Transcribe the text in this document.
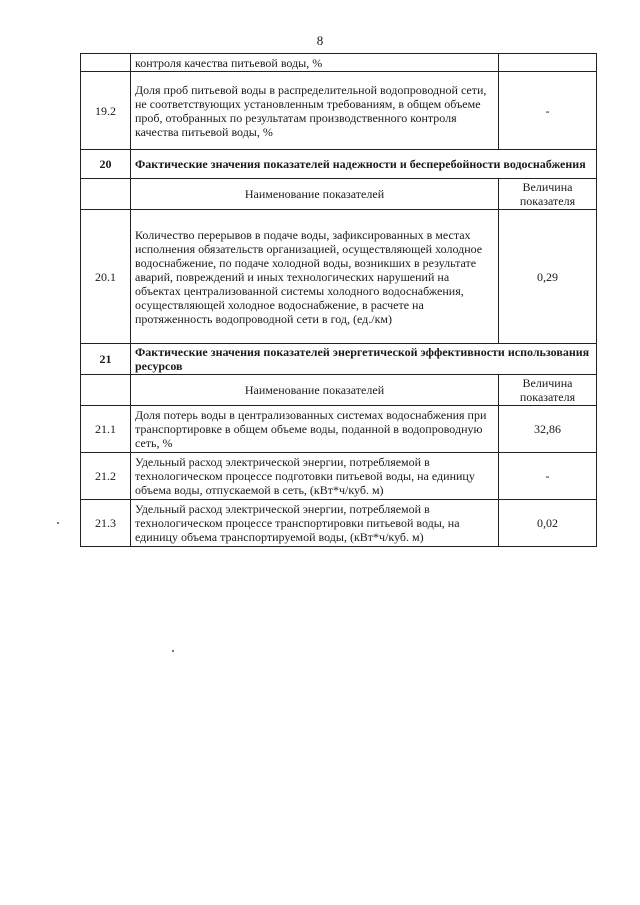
8
	контроля качества питьевой воды, %	
19.2	Доля проб питьевой воды в распределительной водопроводной сети, не соответствующих установленным требованиям, в общем объеме проб, отобранных по результатам производственного контроля качества питьевой воды, %	-
20	Фактические значения показателей надежности и бесперебойности водоснабжения	
	Наименование показателей	Величина показателя
20.1	Количество перерывов в подаче воды, зафиксированных в местах исполнения обязательств организацией, осуществляющей холодное водоснабжение, по подаче холодной воды, возникших в результате аварий, повреждений и иных технологических нарушений на объектах централизованной системы холодного водоснабжения, осуществляющей холодное водоснабжение, в расчете на протяженность водопроводной сети в год, (ед./км)	0,29
21	Фактические значения показателей энергетической эффективности использования ресурсов	
	Наименование показателей	Величина показателя
21.1	Доля потерь воды в централизованных системах водоснабжения при транспортировке в общем объеме воды, поданной в водопроводную сеть, %	32,86
21.2	Удельный расход электрической энергии, потребляемой в технологическом процессе подготовки питьевой воды, на единицу объема воды, отпускаемой в сеть, (кВт*ч/куб. м)	-
21.3	Удельный расход электрической энергии, потребляемой в технологическом процессе транспортировки питьевой воды, на единицу объема транспортируемой воды, (кВт*ч/куб. м)	0,02
